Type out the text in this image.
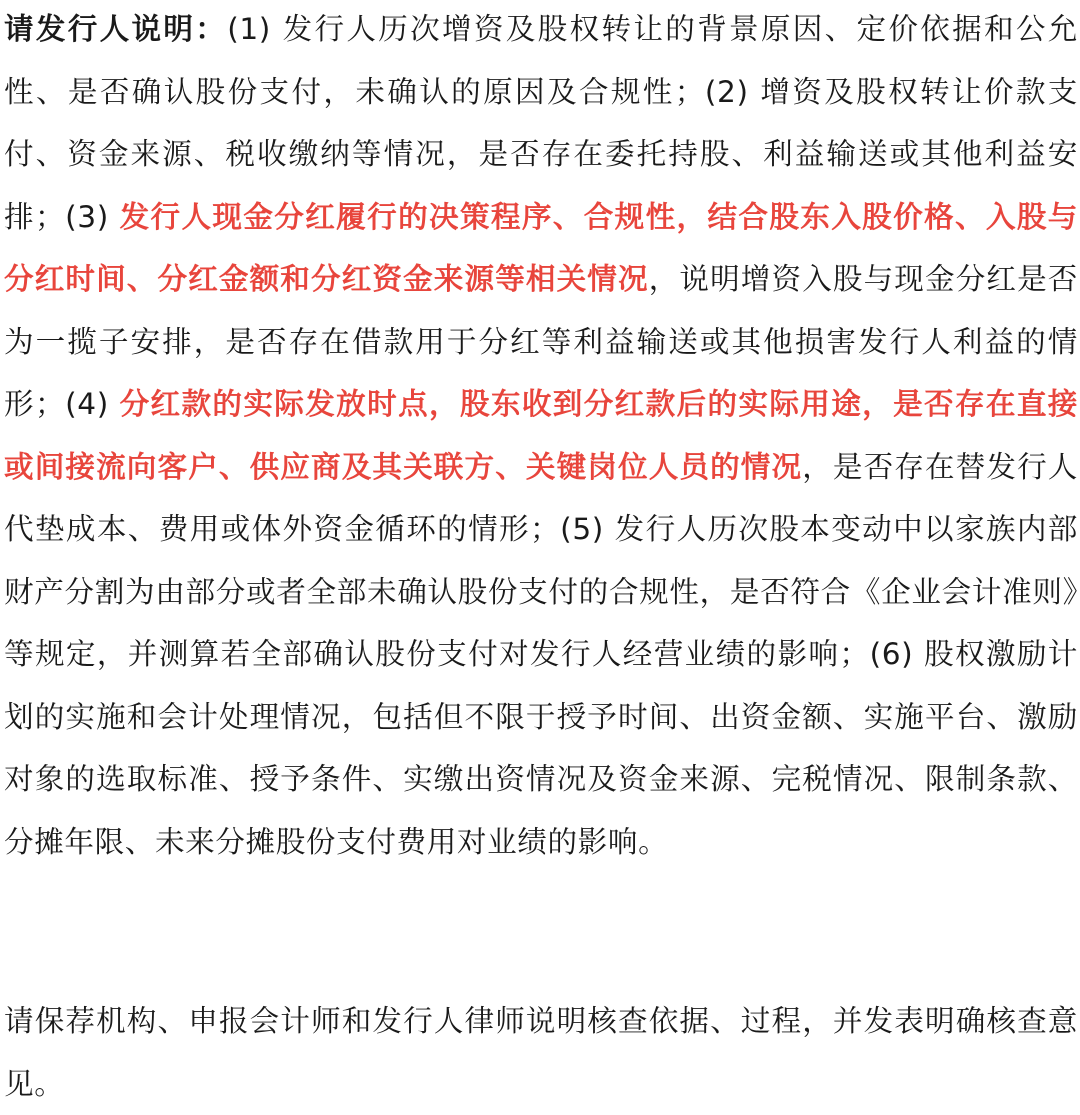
请发行人说明：(1) 发行人历次增资及股权转让的背景原因、定价依据和公允性、是否确认股份支付，未确认的原因及合规性；(2) 增资及股权转让价款支付、资金来源、税收缴纳等情况，是否存在委托持股、利益输送或其他利益安排；(3) 发行人现金分红履行的决策程序、合规性，结合股东入股价格、入股与分红时间、分红金额和分红资金来源等相关情况，说明增资入股与现金分红是否为一揽子安排，是否存在借款用于分红等利益输送或其他损害发行人利益的情形；(4) 分红款的实际发放时点，股东收到分红款后的实际用途，是否存在直接或间接流向客户、供应商及其关联方、关键岗位人员的情况，是否存在替发行人代垫成本、费用或体外资金循环的情形；(5) 发行人历次股本变动中以家族内部财产分割为由部分或者全部未确认股份支付的合规性，是否符合《企业会计准则》等规定，并测算若全部确认股份支付对发行人经营业绩的影响；(6) 股权激励计划的实施和会计处理情况，包括但不限于授予时间、出资金额、实施平台、激励对象的选取标准、授予条件、实缴出资情况及资金来源、完税情况、限制条款、分摊年限、未来分摊股份支付费用对业绩的影响。

请保荐机构、申报会计师和发行人律师说明核查依据、过程，并发表明确核查意见。
